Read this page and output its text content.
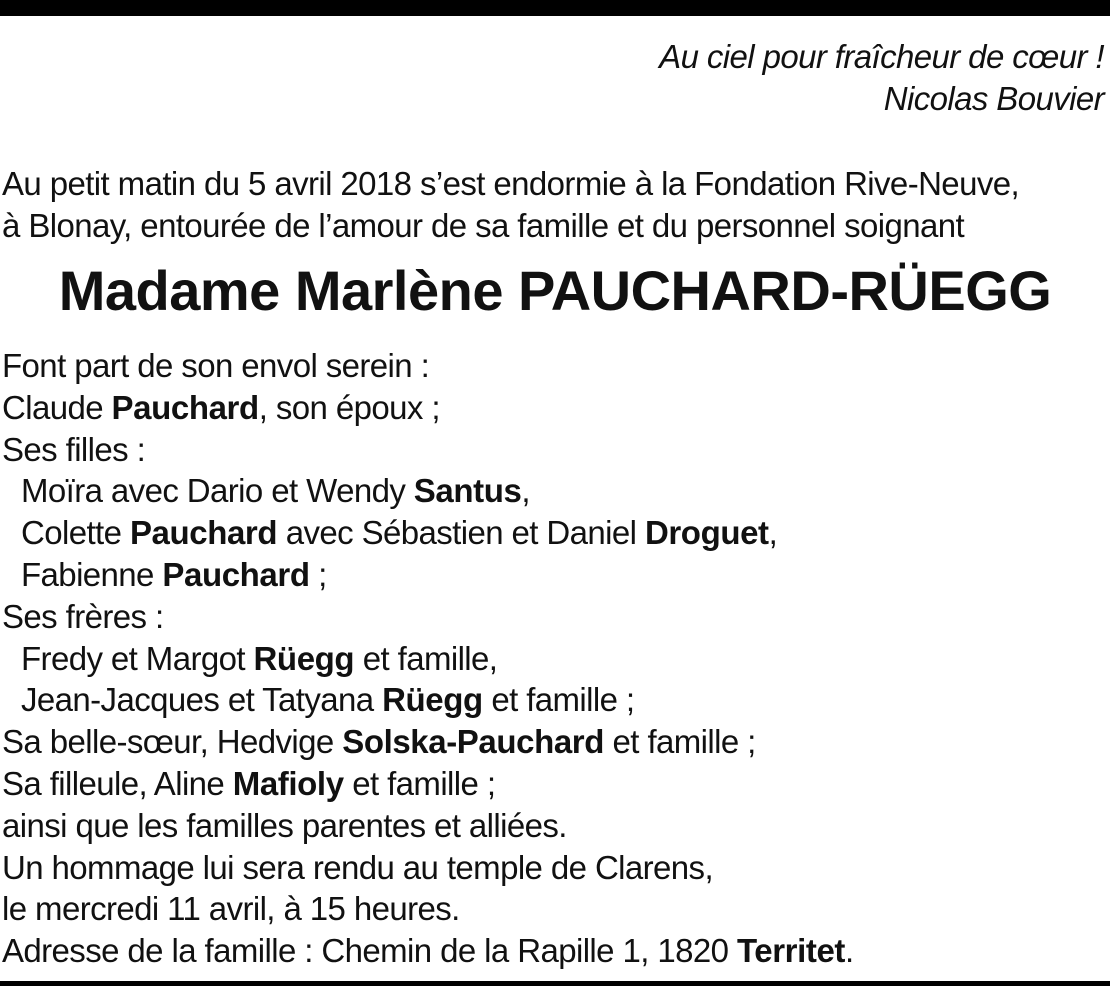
Au ciel pour fraîcheur de cœur !
Nicolas Bouvier
Au petit matin du 5 avril 2018 s’est endormie à la Fondation Rive-Neuve,
à Blonay, entourée de l’amour de sa famille et du personnel soignant
Madame Marlène PAUCHARD-RÜEGG
Font part de son envol serein :
Claude Pauchard, son époux ;
Ses filles :
Moïra avec Dario et Wendy Santus,
Colette Pauchard avec Sébastien et Daniel Droguet,
Fabienne Pauchard ;
Ses frères :
Fredy et Margot Rüegg et famille,
Jean-Jacques et Tatyana Rüegg et famille ;
Sa belle-sœur, Hedvige Solska-Pauchard et famille ;
Sa filleule, Aline Mafioly et famille ;
ainsi que les familles parentes et alliées.
Un hommage lui sera rendu au temple de Clarens,
le mercredi 11 avril, à 15 heures.
Adresse de la famille : Chemin de la Rapille 1, 1820 Territet.
